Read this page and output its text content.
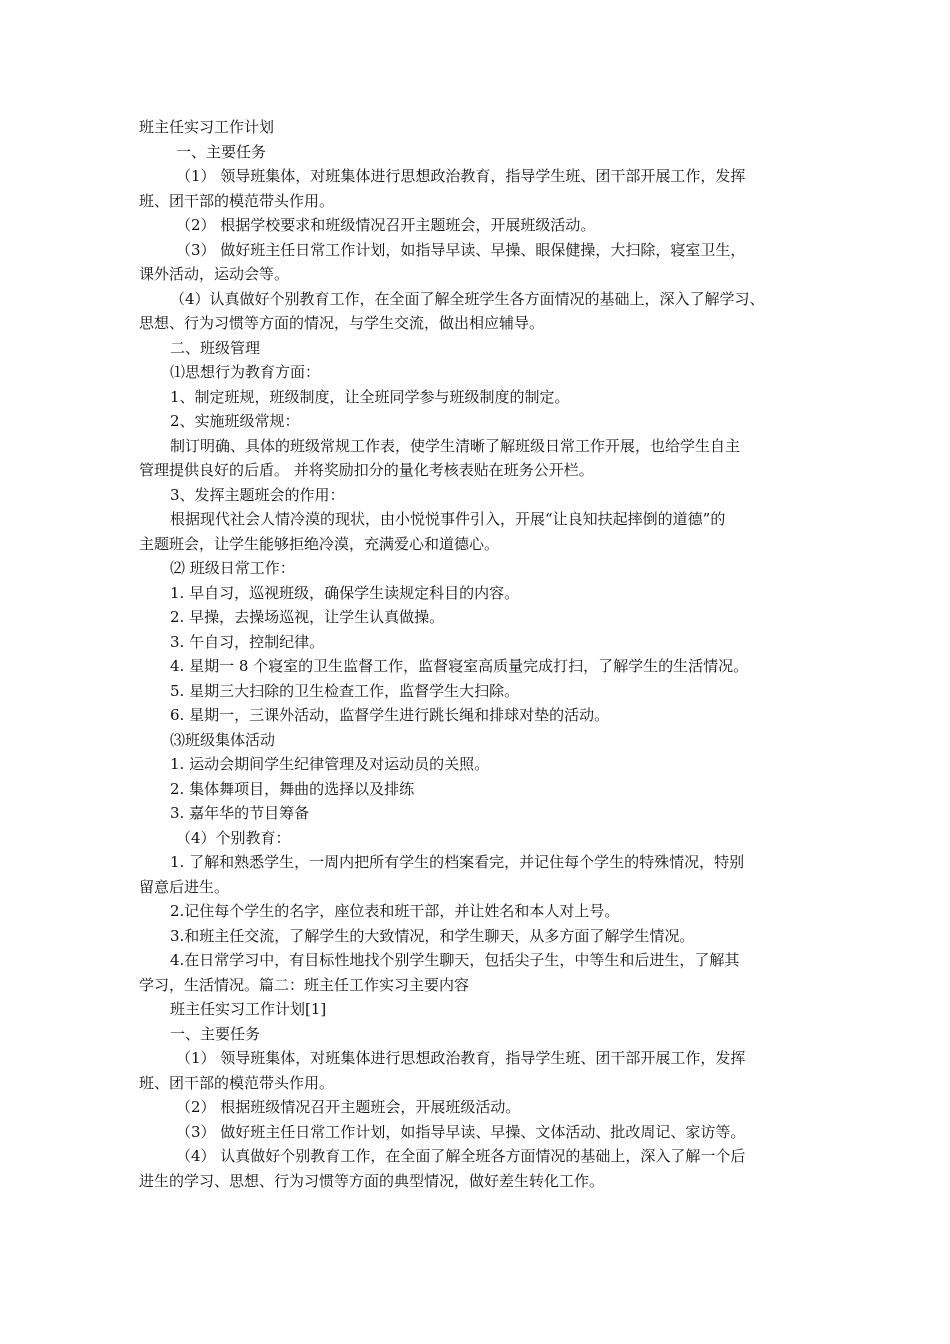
班主任实习工作计划
一、主要任务
（1） 领导班集体，对班集体进行思想政治教育，指导学生班、团干部开展工作，发挥
班、团干部的模范带头作用。
（2） 根据学校要求和班级情况召开主题班会，开展班级活动。
（3） 做好班主任日常工作计划，如指导早读、早操、眼保健操，大扫除，寝室卫生，
课外活动，运动会等。
（4）认真做好个别教育工作，在全面了解全班学生各方面情况的基础上，深入了解学习、
思想、行为习惯等方面的情况，与学生交流，做出相应辅导。
二、班级管理
⑴思想行为教育方面：
1、制定班规，班级制度，让全班同学参与班级制度的制定。
2、实施班级常规：
制订明确、具体的班级常规工作表，使学生清晰了解班级日常工作开展，也给学生自主
管理提供良好的后盾。 并将奖励扣分的量化考核表贴在班务公开栏。
3、发挥主题班会的作用：
根据现代社会人情冷漠的现状，由小悦悦事件引入，开展“让良知扶起摔倒的道德”的
主题班会，让学生能够拒绝冷漠，充满爱心和道德心。
⑵ 班级日常工作：
1. 早自习，巡视班级，确保学生读规定科目的内容。
2. 早操，去操场巡视，让学生认真做操。
3. 午自习，控制纪律。
4. 星期一 8 个寝室的卫生监督工作，监督寝室高质量完成打扫，了解学生的生活情况。
5. 星期三大扫除的卫生检查工作，监督学生大扫除。
6. 星期一，三课外活动，监督学生进行跳长绳和排球对垫的活动。
⑶班级集体活动
1. 运动会期间学生纪律管理及对运动员的关照。
2. 集体舞项目，舞曲的选择以及排练
3. 嘉年华的节目筹备
（4）个别教育：
1. 了解和熟悉学生，一周内把所有学生的档案看完，并记住每个学生的特殊情况，特别
留意后进生。
2.记住每个学生的名字，座位表和班干部，并让姓名和本人对上号。
3.和班主任交流，了解学生的大致情况，和学生聊天，从多方面了解学生情况。
4.在日常学习中，有目标性地找个别学生聊天，包括尖子生，中等生和后进生，了解其
学习，生活情况。篇二：班主任工作实习主要内容
班主任实习工作计划[1]
一、主要任务
（1） 领导班集体，对班集体进行思想政治教育，指导学生班、团干部开展工作，发挥
班、团干部的模范带头作用。
（2） 根据班级情况召开主题班会，开展班级活动。
（3） 做好班主任日常工作计划，如指导早读、早操、文体活动、批改周记、家访等。
（4） 认真做好个别教育工作，在全面了解全班各方面情况的基础上，深入了解一个后
进生的学习、思想、行为习惯等方面的典型情况，做好差生转化工作。
